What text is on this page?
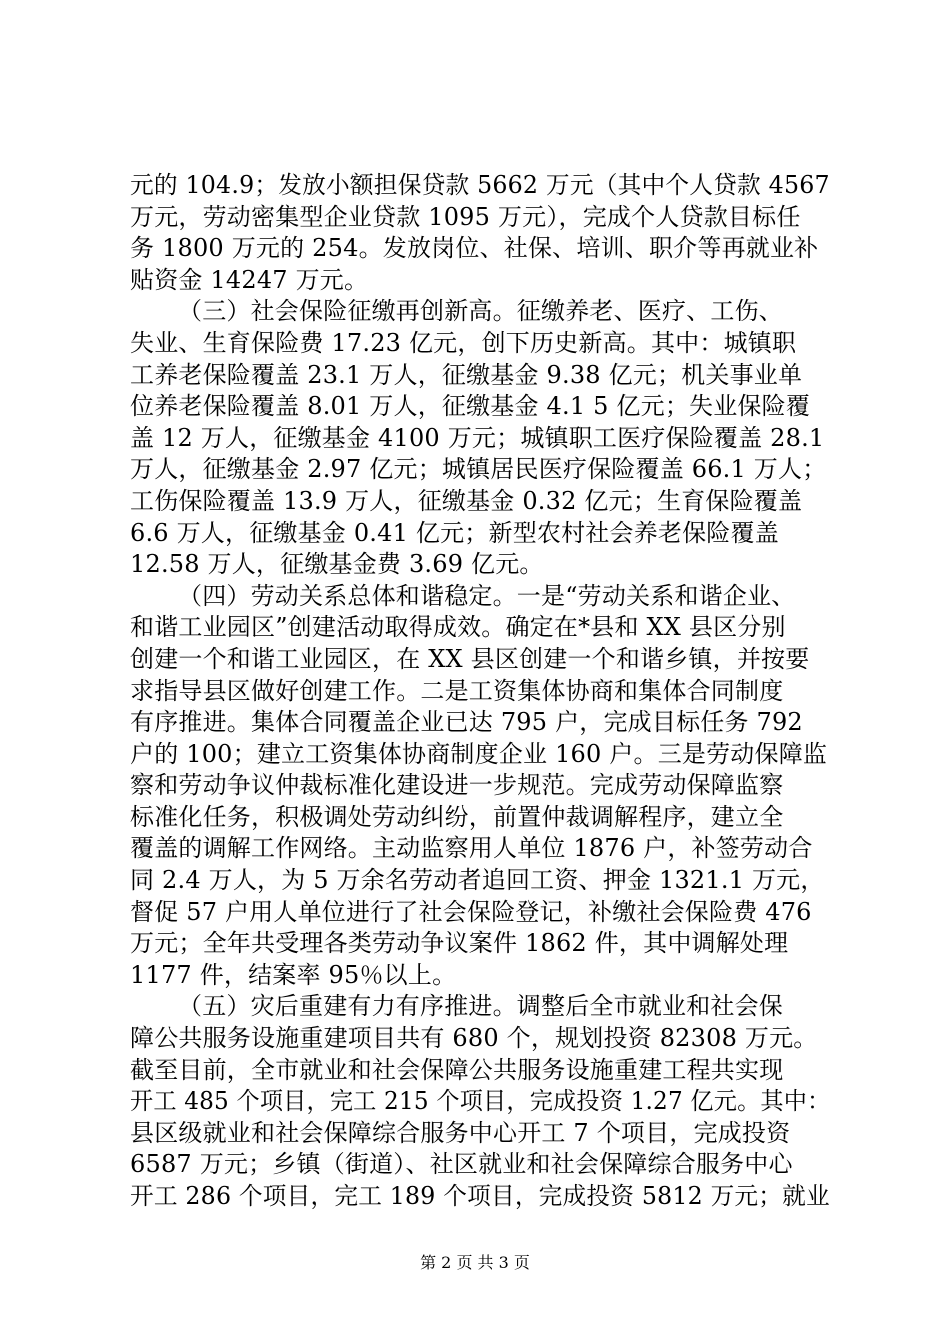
元的 104.9；发放小额担保贷款 5662 万元（其中个人贷款 4567
万元，劳动密集型企业贷款 1095 万元），完成个人贷款目标任
务 1800 万元的 254。发放岗位、社保、培训、职介等再就业补
贴资金 14247 万元。
（三）社会保险征缴再创新高。征缴养老、医疗、工伤、
失业、生育保险费 17.23 亿元，创下历史新高。其中：城镇职
工养老保险覆盖 23.1 万人，征缴基金 9.38 亿元；机关事业单
位养老保险覆盖 8.01 万人，征缴基金 4.1 5 亿元；失业保险覆
盖 12 万人，征缴基金 4100 万元；城镇职工医疗保险覆盖 28.1
万人，征缴基金 2.97 亿元；城镇居民医疗保险覆盖 66.1 万人；
工伤保险覆盖 13.9 万人，征缴基金 0.32 亿元；生育保险覆盖
6.6 万人，征缴基金 0.41 亿元；新型农村社会养老保险覆盖
12.58 万人，征缴基金费 3.69 亿元。
（四）劳动关系总体和谐稳定。一是“劳动关系和谐企业、
和谐工业园区”创建活动取得成效。确定在*县和 XX 县区分别
创建一个和谐工业园区，在 XX 县区创建一个和谐乡镇，并按要
求指导县区做好创建工作。二是工资集体协商和集体合同制度
有序推进。集体合同覆盖企业已达 795 户，完成目标任务 792
户的 100；建立工资集体协商制度企业 160 户。三是劳动保障监
察和劳动争议仲裁标准化建设进一步规范。完成劳动保障监察
标准化任务，积极调处劳动纠纷，前置仲裁调解程序，建立全
覆盖的调解工作网络。主动监察用人单位 1876 户，补签劳动合
同 2.4 万人，为 5 万余名劳动者追回工资、押金 1321.1 万元，
督促 57 户用人单位进行了社会保险登记，补缴社会保险费 476
万元；全年共受理各类劳动争议案件 1862 件，其中调解处理
1177 件，结案率 95％以上。
（五）灾后重建有力有序推进。调整后全市就业和社会保
障公共服务设施重建项目共有 680 个，规划投资 82308 万元。
截至目前，全市就业和社会保障公共服务设施重建工程共实现
开工 485 个项目，完工 215 个项目，完成投资 1.27 亿元。其中：
县区级就业和社会保障综合服务中心开工 7 个项目，完成投资
6587 万元；乡镇（街道）、社区就业和社会保障综合服务中心
开工 286 个项目，完工 189 个项目，完成投资 5812 万元；就业
第 2 页 共 3 页
